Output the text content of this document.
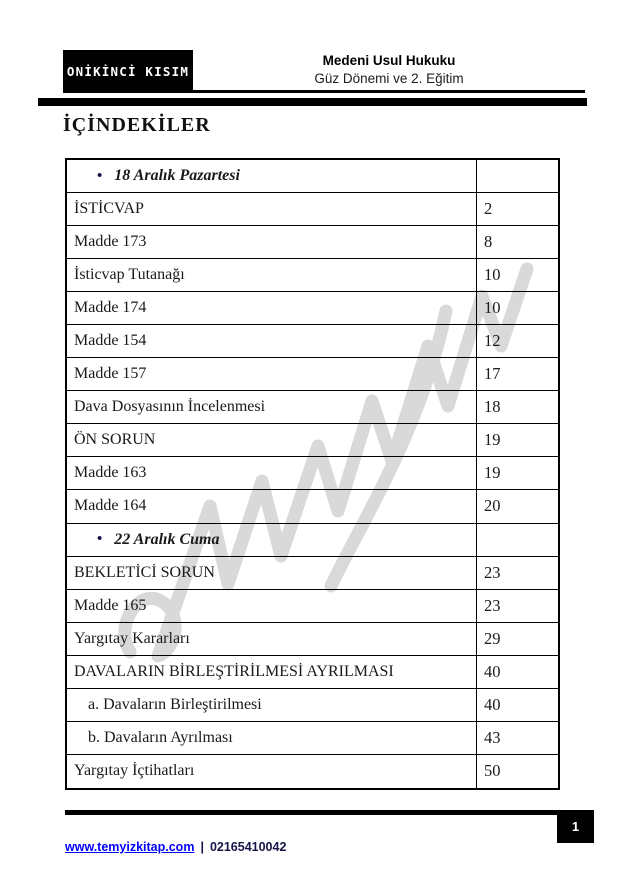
ONİKİNCİ KISIM
Medeni Usul Hukuku
Güz Dönemi ve 2. Eğitim
İÇİNDEKİLER
• 18 Aralık Pazartesi
İSTİCVAP	2
Madde 173	8
İsticvap Tutanağı	10
Madde 174	10
Madde 154	12
Madde 157	17
Dava Dosyasının İncelenmesi	18
ÖN SORUN	19
Madde 163	19
Madde 164	20
• 22 Aralık Cuma
BEKLETİCİ SORUN	23
Madde 165	23
Yargıtay Kararları	29
DAVALARIN BİRLEŞTİRİLMESİ AYRILMASI	40
a. Davaların Birleştirilmesi	40
b. Davaların Ayrılması	43
Yargıtay İçtihatları	50
1
www.temyizkitap.com | 02165410042
